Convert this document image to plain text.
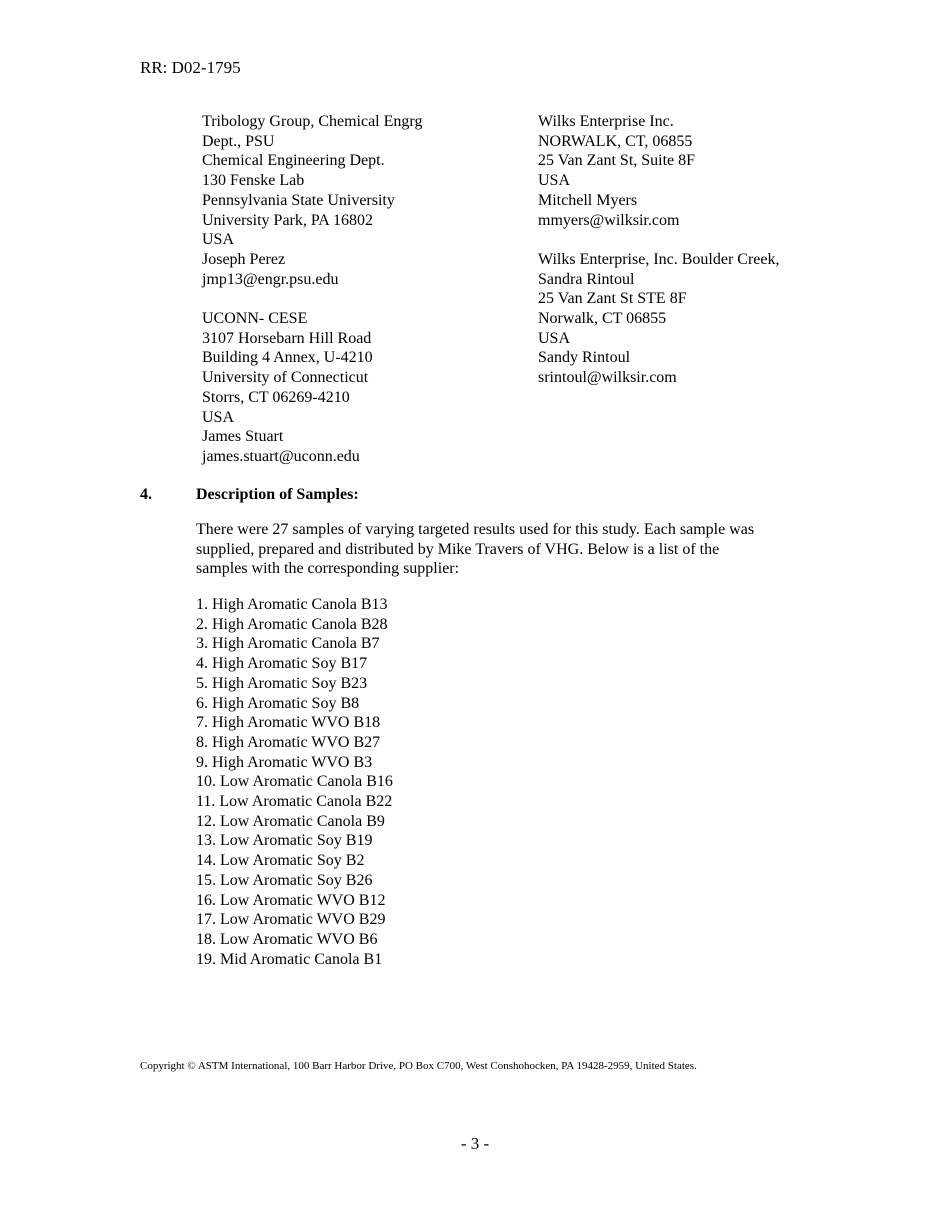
RR: D02-1795
Tribology Group, Chemical Engrg
Dept., PSU
Chemical Engineering Dept.
130 Fenske Lab
Pennsylvania State University
University Park, PA 16802
USA
Joseph Perez
jmp13@engr.psu.edu
UCONN- CESE
3107 Horsebarn Hill Road
Building 4 Annex, U-4210
University of Connecticut
Storrs, CT 06269-4210
USA
James Stuart
james.stuart@uconn.edu
Wilks Enterprise Inc.
NORWALK, CT, 06855
25 Van Zant St, Suite 8F
USA
Mitchell Myers
mmyers@wilksir.com
Wilks Enterprise, Inc. Boulder Creek,
Sandra Rintoul
25 Van Zant St STE 8F
Norwalk, CT 06855
USA
Sandy Rintoul
srintoul@wilksir.com
4.	Description of Samples:
There were 27 samples of varying targeted results used for this study. Each sample was
supplied, prepared and distributed by Mike Travers of VHG. Below is a list of the
samples with the corresponding supplier:
1. High Aromatic Canola B13
2. High Aromatic Canola B28
3. High Aromatic Canola B7
4. High Aromatic Soy B17
5. High Aromatic Soy B23
6. High Aromatic Soy B8
7. High Aromatic WVO B18
8. High Aromatic WVO B27
9. High Aromatic WVO B3
10. Low Aromatic Canola B16
11. Low Aromatic Canola B22
12. Low Aromatic Canola B9
13. Low Aromatic Soy B19
14. Low Aromatic Soy B2
15. Low Aromatic Soy B26
16. Low Aromatic WVO B12
17. Low Aromatic WVO B29
18. Low Aromatic WVO B6
19. Mid Aromatic Canola B1
Copyright © ASTM International, 100 Barr Harbor Drive, PO Box C700, West Conshohocken, PA 19428-2959, United States.
- 3 -
